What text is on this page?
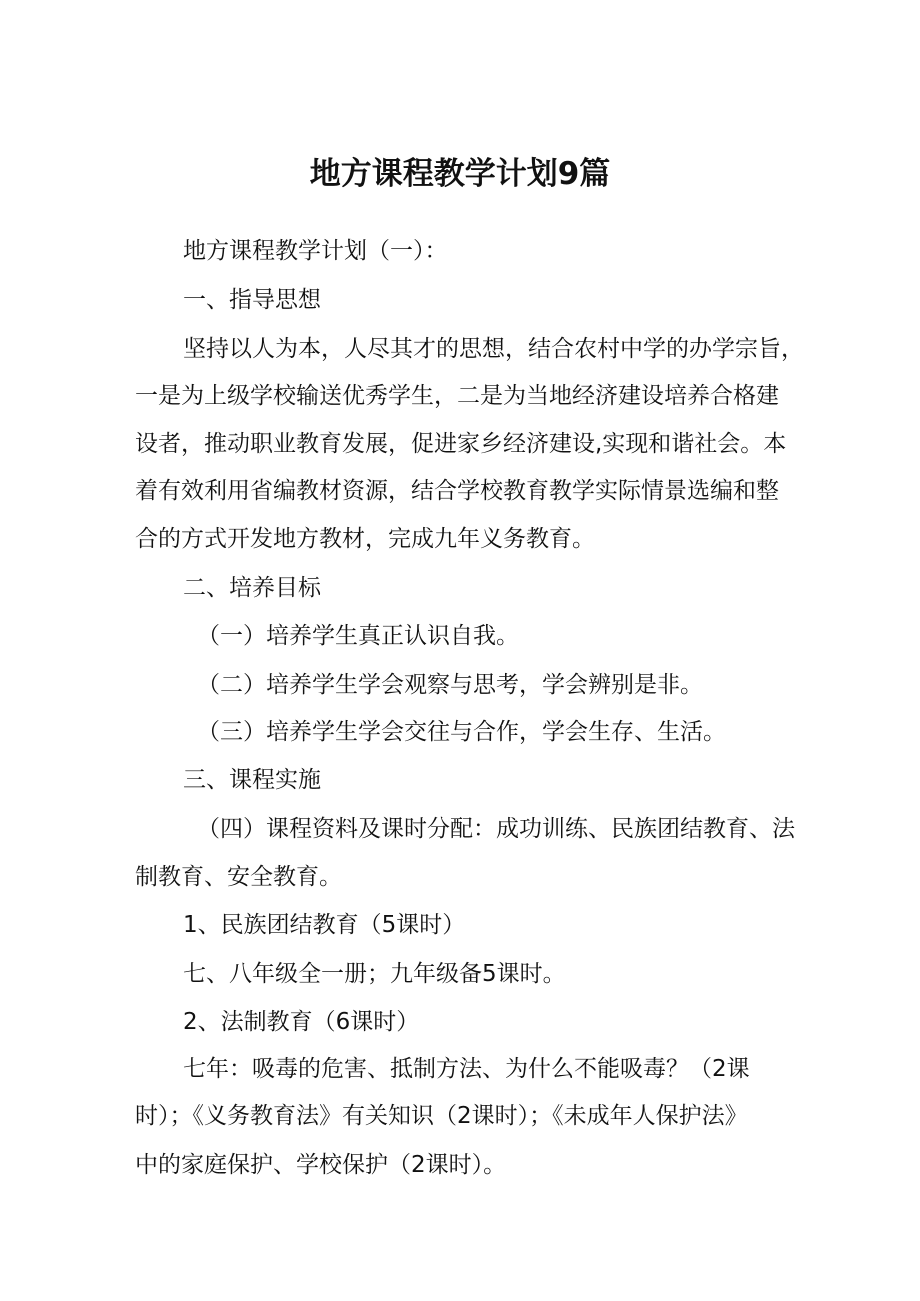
地方课程教学计划9篇

地方课程教学计划（一）：

一、指导思想

坚持以人为本，人尽其才的思想，结合农村中学的办学宗旨，

一是为上级学校输送优秀学生，二是为当地经济建设培养合格建

设者，推动职业教育发展，促进家乡经济建设,实现和谐社会。本

着有效利用省编教材资源，结合学校教育教学实际情景选编和整

合的方式开发地方教材，完成九年义务教育。

二、培养目标

（一）培养学生真正认识自我。

（二）培养学生学会观察与思考，学会辨别是非。

（三）培养学生学会交往与合作，学会生存、生活。

三、课程实施

（四）课程资料及课时分配：成功训练、民族团结教育、法

制教育、安全教育。

1、民族团结教育（5课时）

七、八年级全一册；九年级备5课时。

2、法制教育（6课时）

七年：吸毒的危害、抵制方法、为什么不能吸毒？（2课

时）；《义务教育法》有关知识（2课时）；《未成年人保护法》

中的家庭保护、学校保护（2课时）。
